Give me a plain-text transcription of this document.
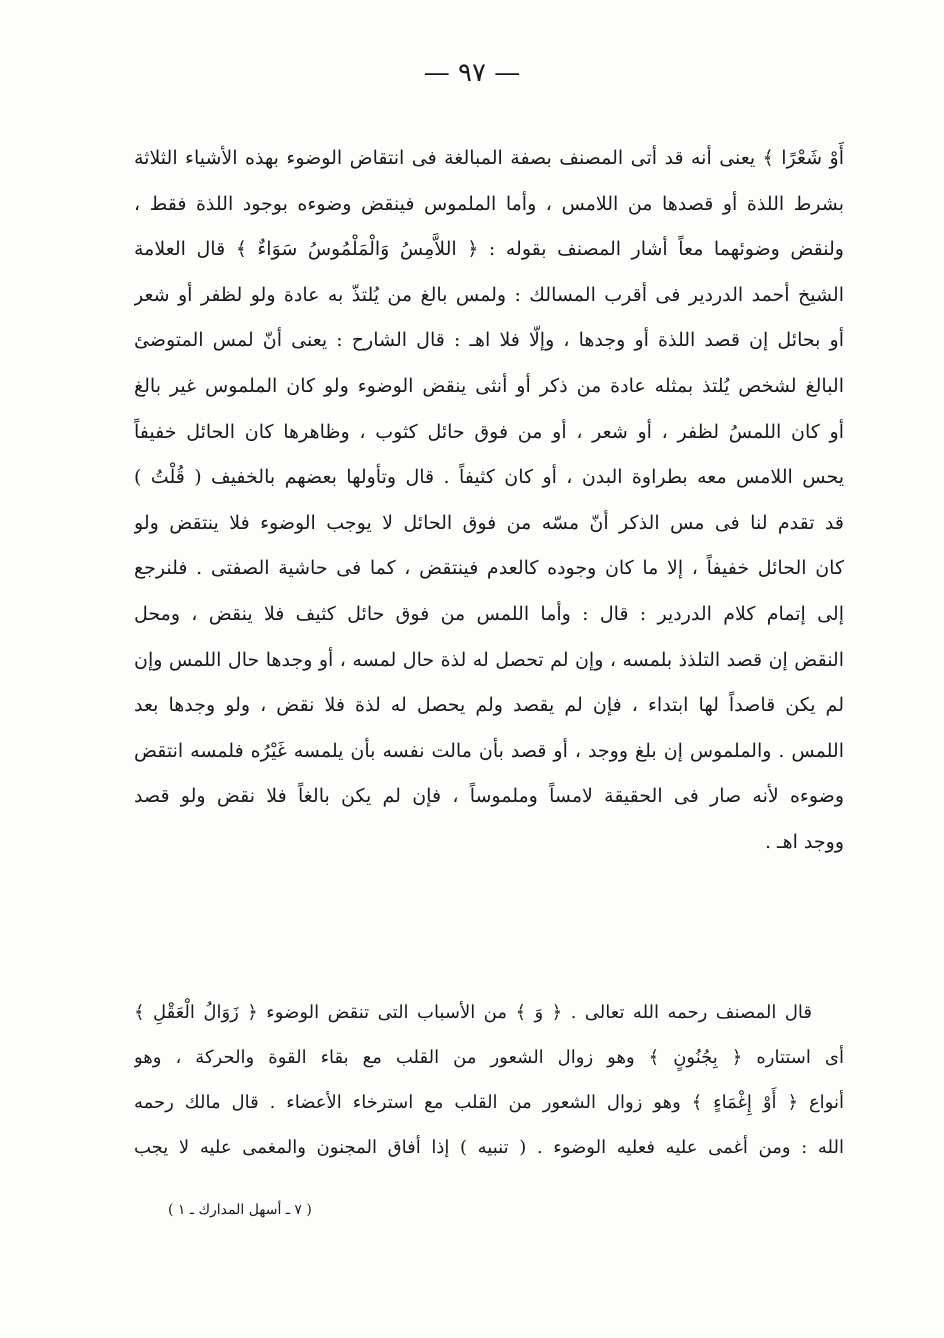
— ٩٧ —
أَوْ شَعْرًا ﴾ يعنى أنه قد أتى المصنف بصفة المبالغة فى انتقاض الوضوء بهذه الأشياء الثلاثة
بشرط اللذة أو قصدها من اللامس ، وأما الملموس فينقض وضوءه بوجود اللذة فقط ،
ولنقض وضوئهما معاً أشار المصنف بقوله : ﴿ اللاَّمِسُ وَالْمَلْمُوسُ سَوَاءٌ ﴾ قال العلامة
الشيخ أحمد الدردير فى أقرب المسالك : ولمس بالغ من يُلتذّ به عادة ولو لظفر أو شعر
أو بحائل إن قصد اللذة أو وجدها ، وإلّا فلا اهـ : قال الشارح : يعنى أنّ لمس المتوضئ
البالغ لشخص يُلتذ بمثله عادة من ذكر أو أنثى ينقض الوضوء ولو كان الملموس غير بالغ
أو كان اللمسُ لظفر ، أو شعر ، أو من فوق حائل كثوب ، وظاهرها كان الحائل خفيفاً
يحس اللامس معه بطراوة البدن ، أو كان كثيفاً . قال وتأولها بعضهم بالخفيف ( قُلْتُ )
قد تقدم لنا فى مس الذكر أنّ مسّه من فوق الحائل لا يوجب الوضوء فلا ينتقض ولو
كان الحائل خفيفاً ، إلا ما كان وجوده كالعدم فينتقض ، كما فى حاشية الصفتى . فلنرجع
إلى إتمام كلام الدردير : قال : وأما اللمس من فوق حائل كثيف فلا ينقض ، ومحل
النقض إن قصد التلذذ بلمسه ، وإن لم تحصل له لذة حال لمسه ، أو وجدها حال اللمس وإن
لم يكن قاصداً لها ابتداء ، فإن لم يقصد ولم يحصل له لذة فلا نقض ، ولو وجدها بعد
اللمس . والملموس إن بلغ ووجد ، أو قصد بأن مالت نفسه بأن يلمسه غَيْرُه فلمسه انتقض
وضوءه لأنه صار فى الحقيقة لامساً وملموساً ، فإن لم يكن بالغاً فلا نقض ولو قصد
ووجد اهـ .
قال المصنف رحمه الله تعالى . ﴿ وَ ﴾ من الأسباب التى تنقض الوضوء ﴿ زَوَالُ الْعَقْلِ ﴾
أى استتاره ﴿ بِجُنُونٍ ﴾ وهو زوال الشعور من القلب مع بقاء القوة والحركة ، وهو
أنواع ﴿ أَوْ إِغْمَاءٍ ﴾ وهو زوال الشعور من القلب مع استرخاء الأعضاء . قال مالك رحمه
الله : ومن أغمى عليه فعليه الوضوء . ( تنبيه ) إذا أفاق المجنون والمغمى عليه لا يجب
( ٧ ـ أسهل المدارك ـ ١ )
